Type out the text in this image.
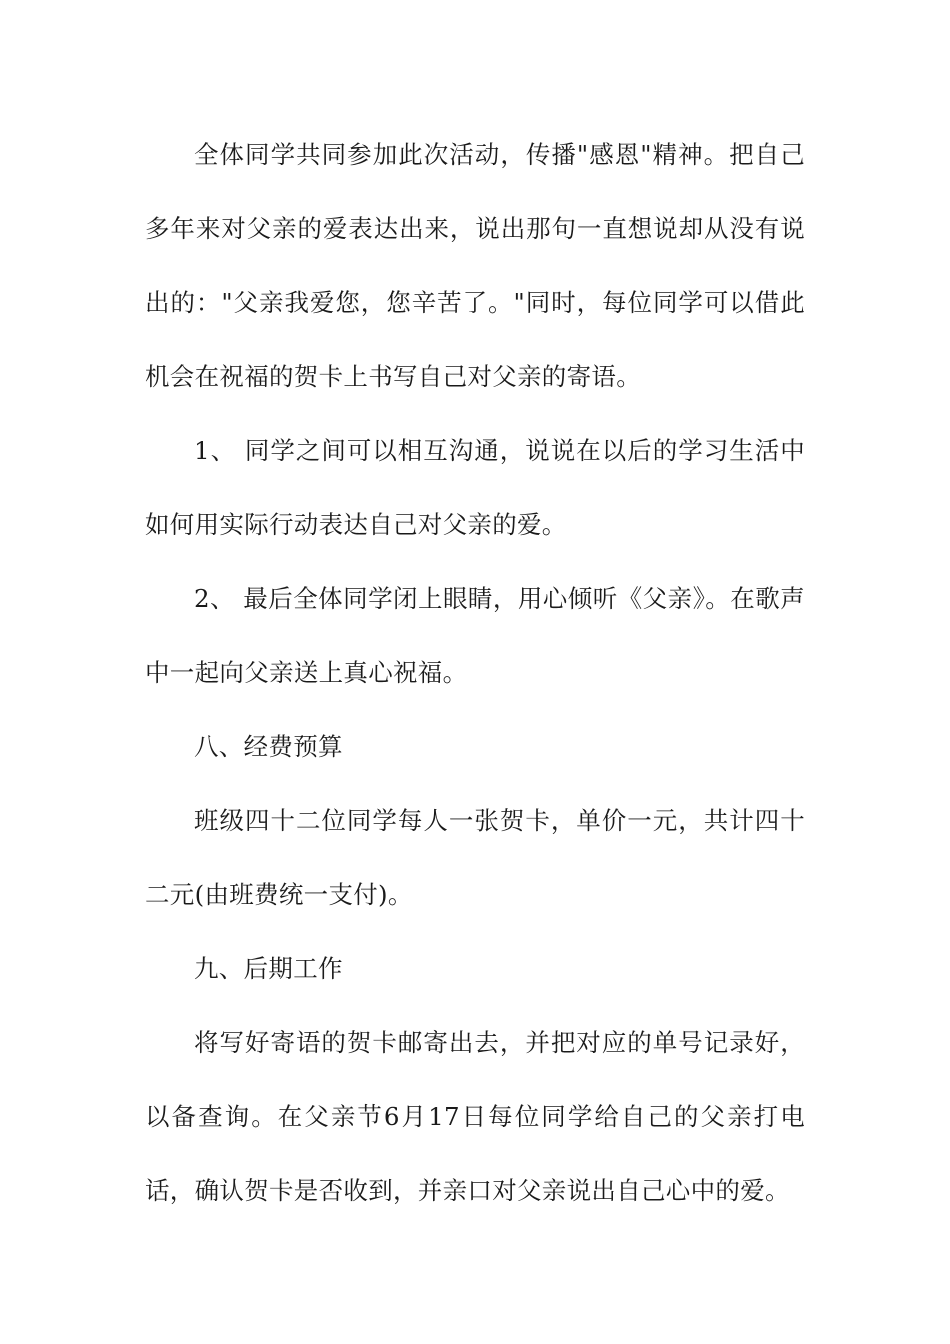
全体同学共同参加此次活动，传播"感恩"精神。把自己多年来对父亲的爱表达出来，说出那句一直想说却从没有说出的："父亲我爱您，您辛苦了。"同时，每位同学可以借此机会在祝福的贺卡上书写自己对父亲的寄语。

1、 同学之间可以相互沟通，说说在以后的学习生活中如何用实际行动表达自己对父亲的爱。

2、 最后全体同学闭上眼睛，用心倾听《父亲》。在歌声中一起向父亲送上真心祝福。

八、经费预算

班级四十二位同学每人一张贺卡，单价一元，共计四十二元(由班费统一支付)。

九、后期工作

将写好寄语的贺卡邮寄出去，并把对应的单号记录好，以备查询。在父亲节6月17日每位同学给自己的父亲打电话，确认贺卡是否收到，并亲口对父亲说出自己心中的爱。
